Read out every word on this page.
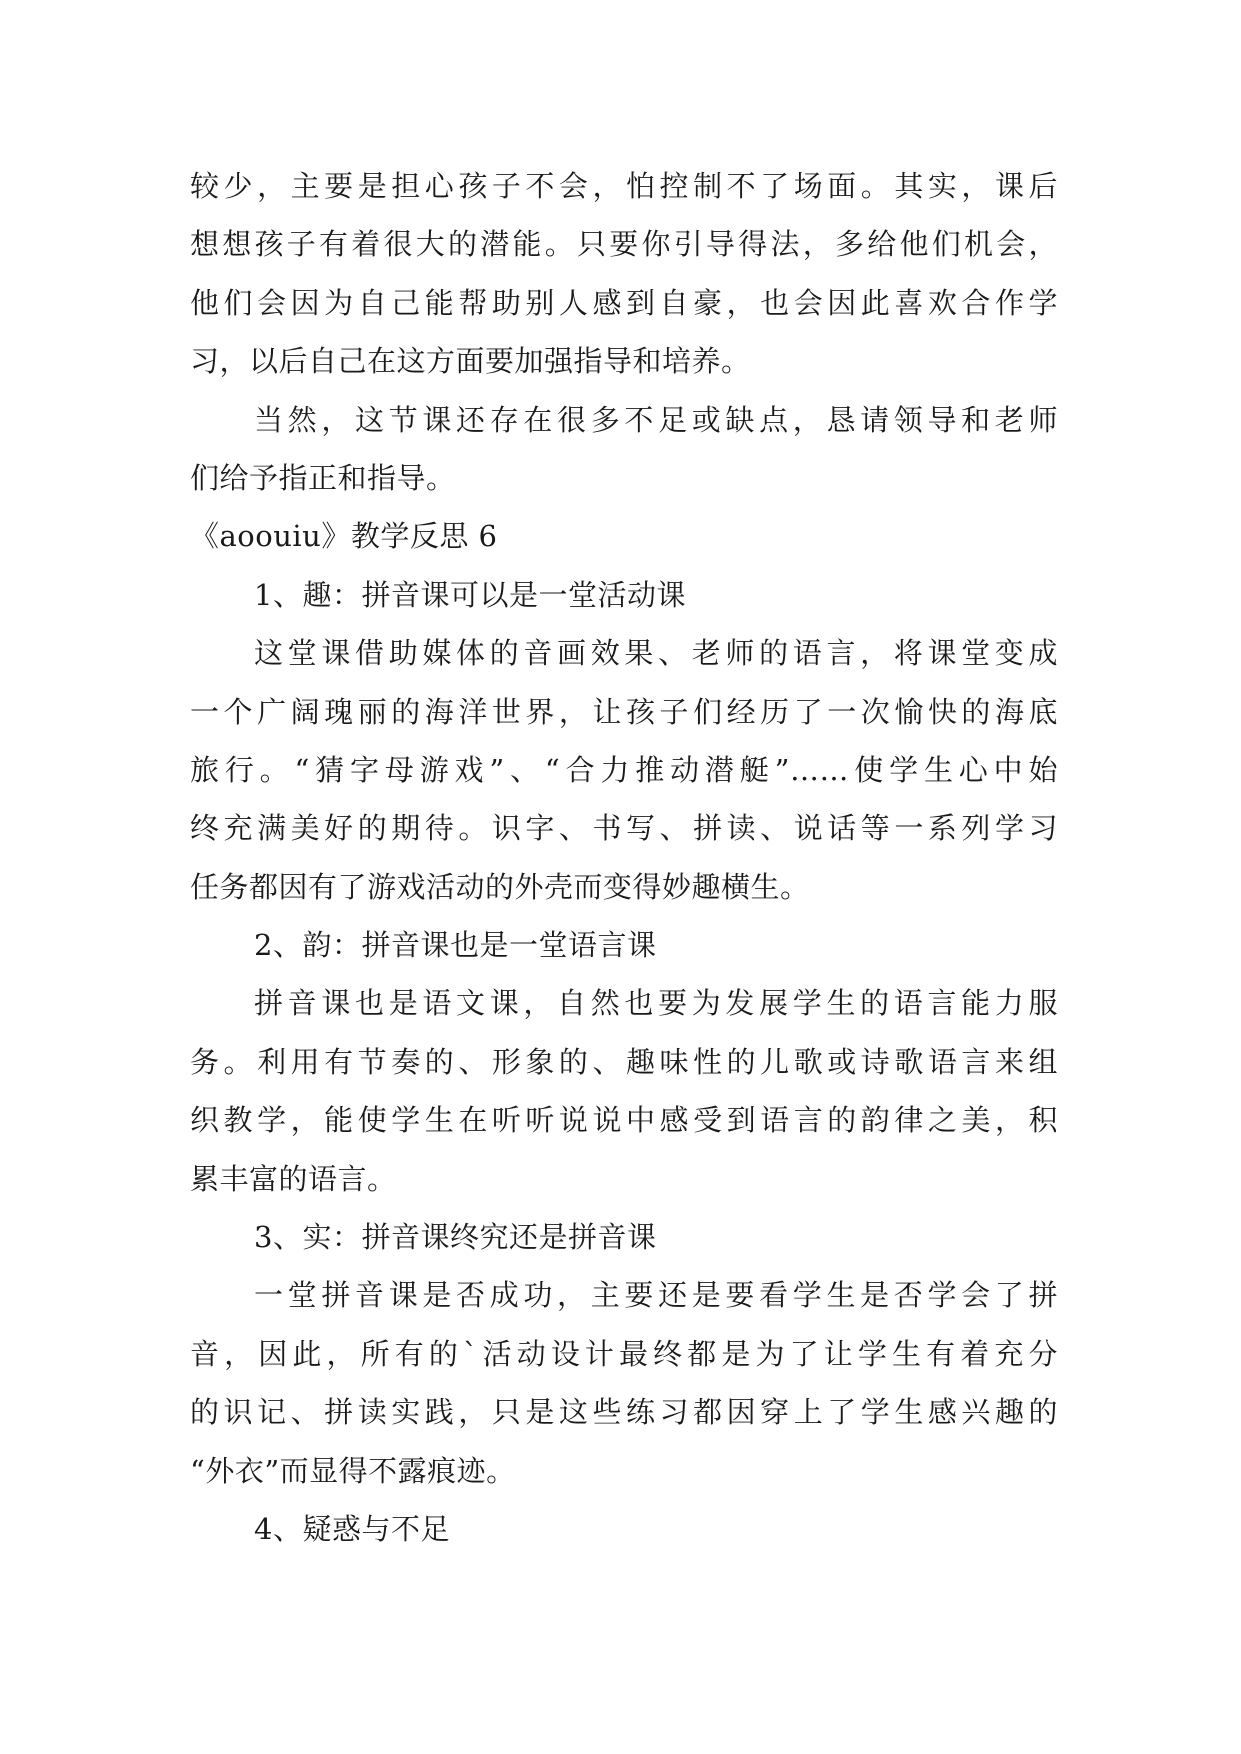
较少，主要是担心孩子不会，怕控制不了场面。其实，课后
想想孩子有着很大的潜能。只要你引导得法，多给他们机会，
他们会因为自己能帮助别人感到自豪，也会因此喜欢合作学
习，以后自己在这方面要加强指导和培养。
当然，这节课还存在很多不足或缺点，恳请领导和老师
们给予指正和指导。
《aoouiu》教学反思 6
1、趣：拼音课可以是一堂活动课
这堂课借助媒体的音画效果、老师的语言，将课堂变成
一个广阔瑰丽的海洋世界，让孩子们经历了一次愉快的海底
旅行。“猜字母游戏”、“合力推动潜艇”……使学生心中始
终充满美好的期待。识字、书写、拼读、说话等一系列学习
任务都因有了游戏活动的外壳而变得妙趣横生。
2、韵：拼音课也是一堂语言课
拼音课也是语文课，自然也要为发展学生的语言能力服
务。利用有节奏的、形象的、趣味性的儿歌或诗歌语言来组
织教学，能使学生在听听说说中感受到语言的韵律之美，积
累丰富的语言。
3、实：拼音课终究还是拼音课
一堂拼音课是否成功，主要还是要看学生是否学会了拼
音，因此，所有的`活动设计最终都是为了让学生有着充分
的识记、拼读实践，只是这些练习都因穿上了学生感兴趣的
“外衣”而显得不露痕迹。
4、疑惑与不足
